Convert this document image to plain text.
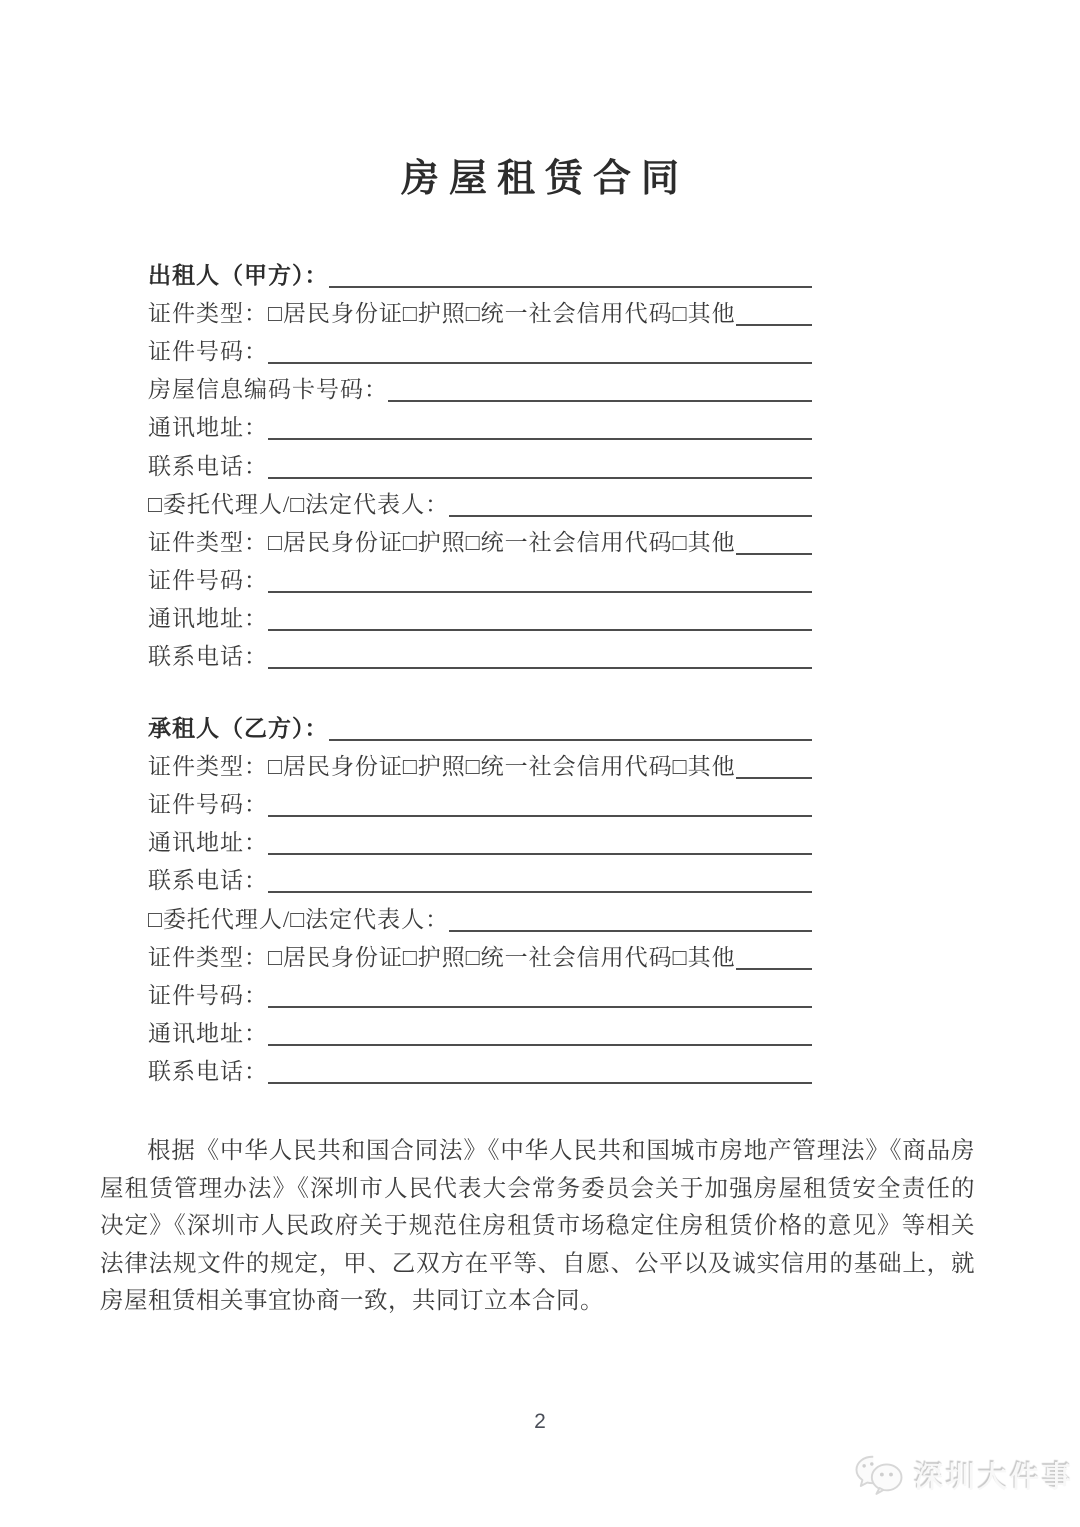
房屋租赁合同
出租人（甲方）：
证件类型：□居民身份证□护照□统一社会信用代码□其他
证件号码：
房屋信息编码卡号码：
通讯地址：
联系电话：
□委托代理人/□法定代表人：
证件类型：□居民身份证□护照□统一社会信用代码□其他
证件号码：
通讯地址：
联系电话：
承租人（乙方）：
证件类型：□居民身份证□护照□统一社会信用代码□其他
证件号码：
通讯地址：
联系电话：
□委托代理人/□法定代表人：
证件类型：□居民身份证□护照□统一社会信用代码□其他
证件号码：
通讯地址：
联系电话：

根据《中华人民共和国合同法》《中华人民共和国城市房地产管理法》《商品房屋租赁管理办法》《深圳市人民代表大会常务委员会关于加强房屋租赁安全责任的决定》《深圳市人民政府关于规范住房租赁市场稳定住房租赁价格的意见》等相关法律法规文件的规定，甲、乙双方在平等、自愿、公平以及诚实信用的基础上，就房屋租赁相关事宜协商一致，共同订立本合同。

2
深圳大件事
